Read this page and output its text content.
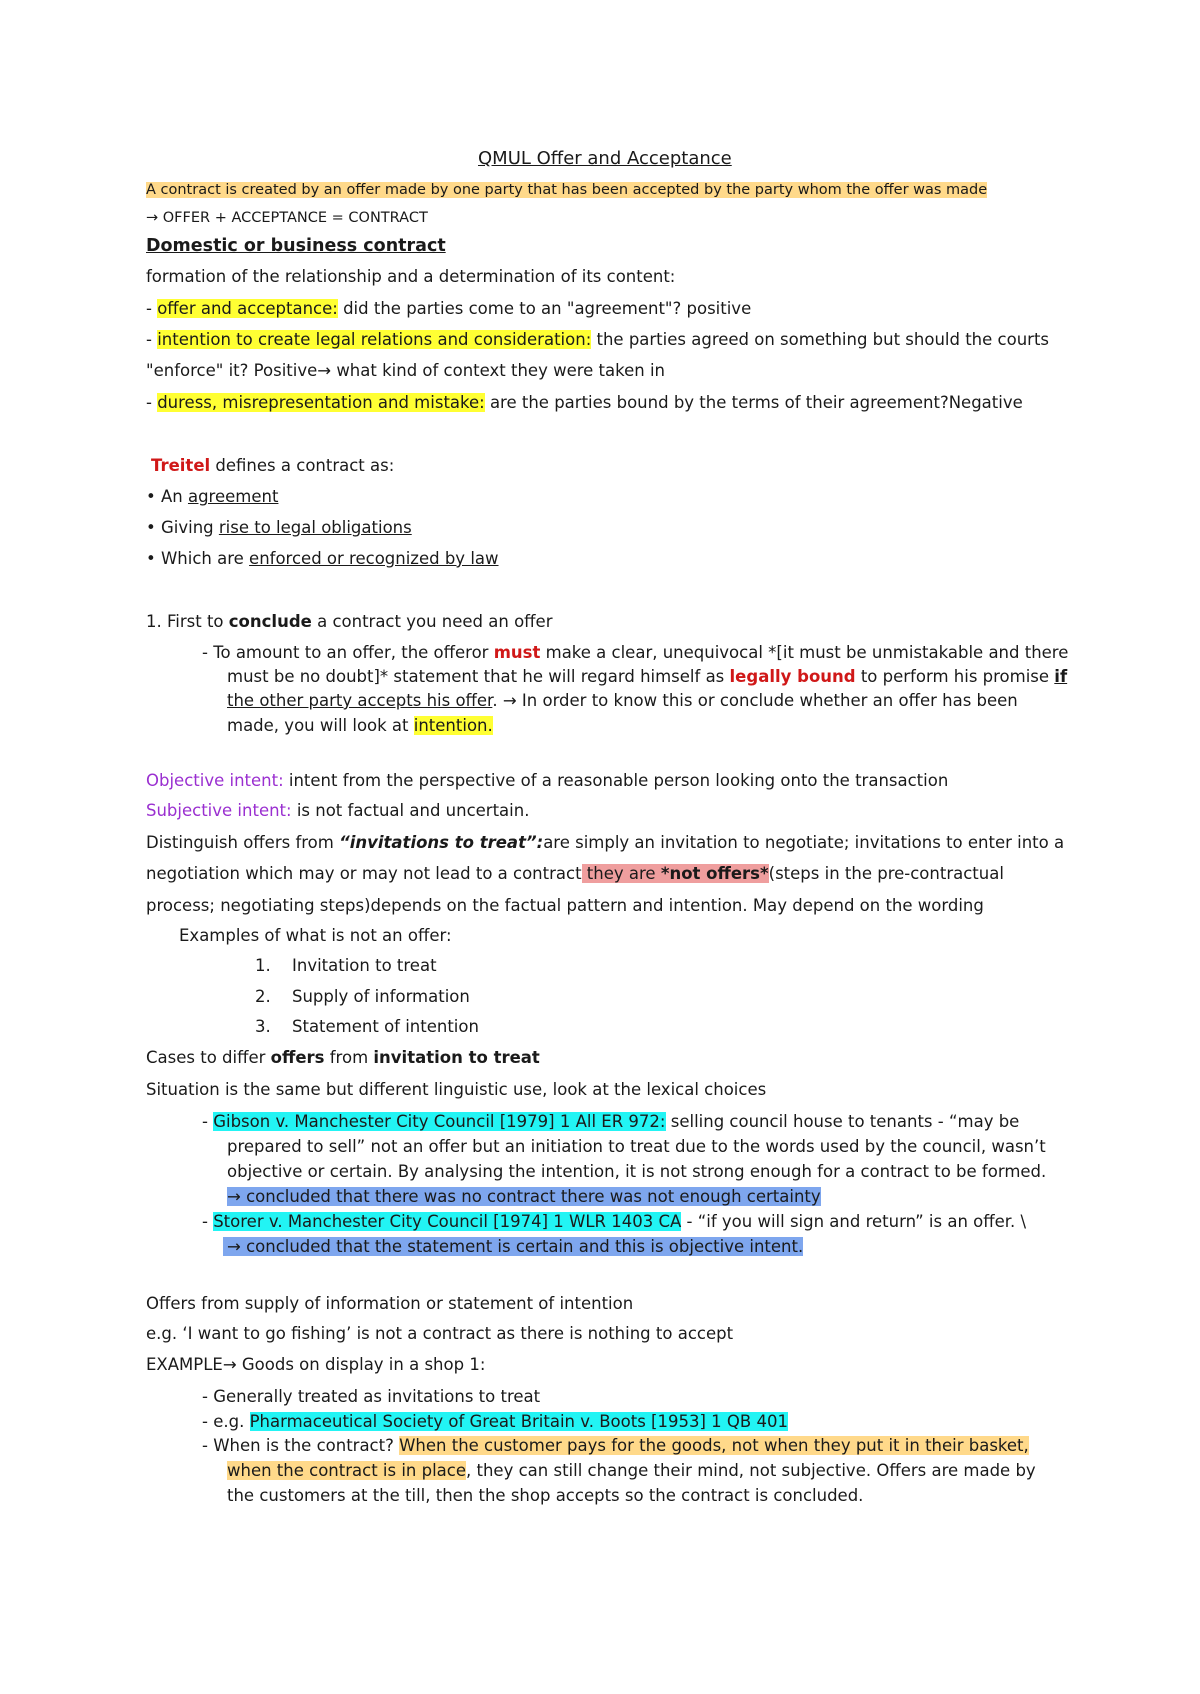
QMUL Offer and Acceptance
A contract is created by an offer made by one party that has been accepted by the party whom the offer was made
→ OFFER + ACCEPTANCE = CONTRACT
Domestic or business contract
formation of the relationship and a determination of its content:
- offer and acceptance: did the parties come to an "agreement"? positive
- intention to create legal relations and consideration: the parties agreed on something but should the courts
"enforce" it? Positive→ what kind of context they were taken in
- duress, misrepresentation and mistake: are the parties bound by the terms of their agreement?Negative
Treitel defines a contract as:
• An agreement
• Giving rise to legal obligations
• Which are enforced or recognized by law
1. First to conclude a contract you need an offer
- To amount to an offer, the offeror must make a clear, unequivocal *[it must be unmistakable and there
must be no doubt]* statement that he will regard himself as legally bound to perform his promise if
the other party accepts his offer. → In order to know this or conclude whether an offer has been
made, you will look at intention.
Objective intent: intent from the perspective of a reasonable person looking onto the transaction
Subjective intent: is not factual and uncertain.
Distinguish offers from “invitations to treat”:are simply an invitation to negotiate; invitations to enter into a
negotiation which may or may not lead to a contract they are *not offers*(steps in the pre-contractual
process; negotiating steps)depends on the factual pattern and intention. May depend on the wording
Examples of what is not an offer:
1. Invitation to treat
2. Supply of information
3. Statement of intention
Cases to differ offers from invitation to treat
Situation is the same but different linguistic use, look at the lexical choices
- Gibson v. Manchester City Council [1979] 1 All ER 972: selling council house to tenants - “may be
prepared to sell” not an offer but an initiation to treat due to the words used by the council, wasn’t
objective or certain. By analysing the intention, it is not strong enough for a contract to be formed.
→ concluded that there was no contract there was not enough certainty
- Storer v. Manchester City Council [1974] 1 WLR 1403 CA - “if you will sign and return” is an offer. \
→ concluded that the statement is certain and this is objective intent.
Offers from supply of information or statement of intention
e.g. ‘I want to go fishing’ is not a contract as there is nothing to accept
EXAMPLE→ Goods on display in a shop 1:
- Generally treated as invitations to treat
- e.g. Pharmaceutical Society of Great Britain v. Boots [1953] 1 QB 401
- When is the contract? When the customer pays for the goods, not when they put it in their basket,
when the contract is in place, they can still change their mind, not subjective. Offers are made by
the customers at the till, then the shop accepts so the contract is concluded.
